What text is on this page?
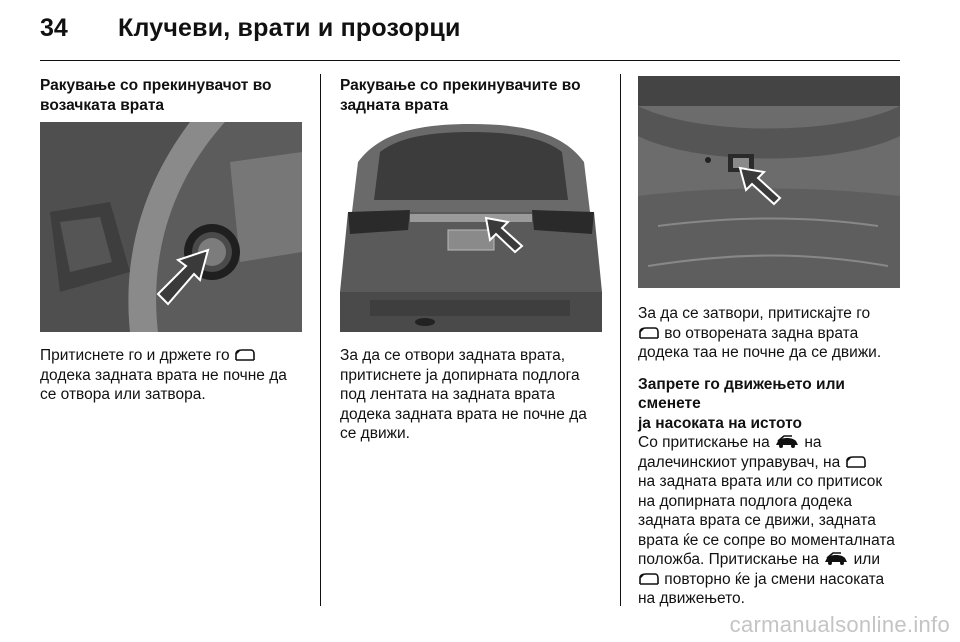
34 Клучеви, врати и прозорци

Ракување со прекинувачот во
возачката врата

Притиснете го и држете го
додека задната врата не почне да
се отвора или затвора.

Ракување со прекинувачите во
задната врата

За да се отвори задната врата,
притиснете ја допирната подлога
под лентата на задната врата
додека задната врата не почне да
се движи.

За да се затвори, притискајте го
во отворената задна врата
додека таа не почне да се движи.

Запрете го движењето или сменете
ја насоката на истото

Со притискање на  на
далечинскиот управувач, на
на задната врата или со притисок
на допирната подлога додека
задната врата се движи, задната
врата ќе се сопре во моменталната
положба. Притискање на  или
повторно ќе ја смени насоката
на движењето.

carmanualsonline.info
